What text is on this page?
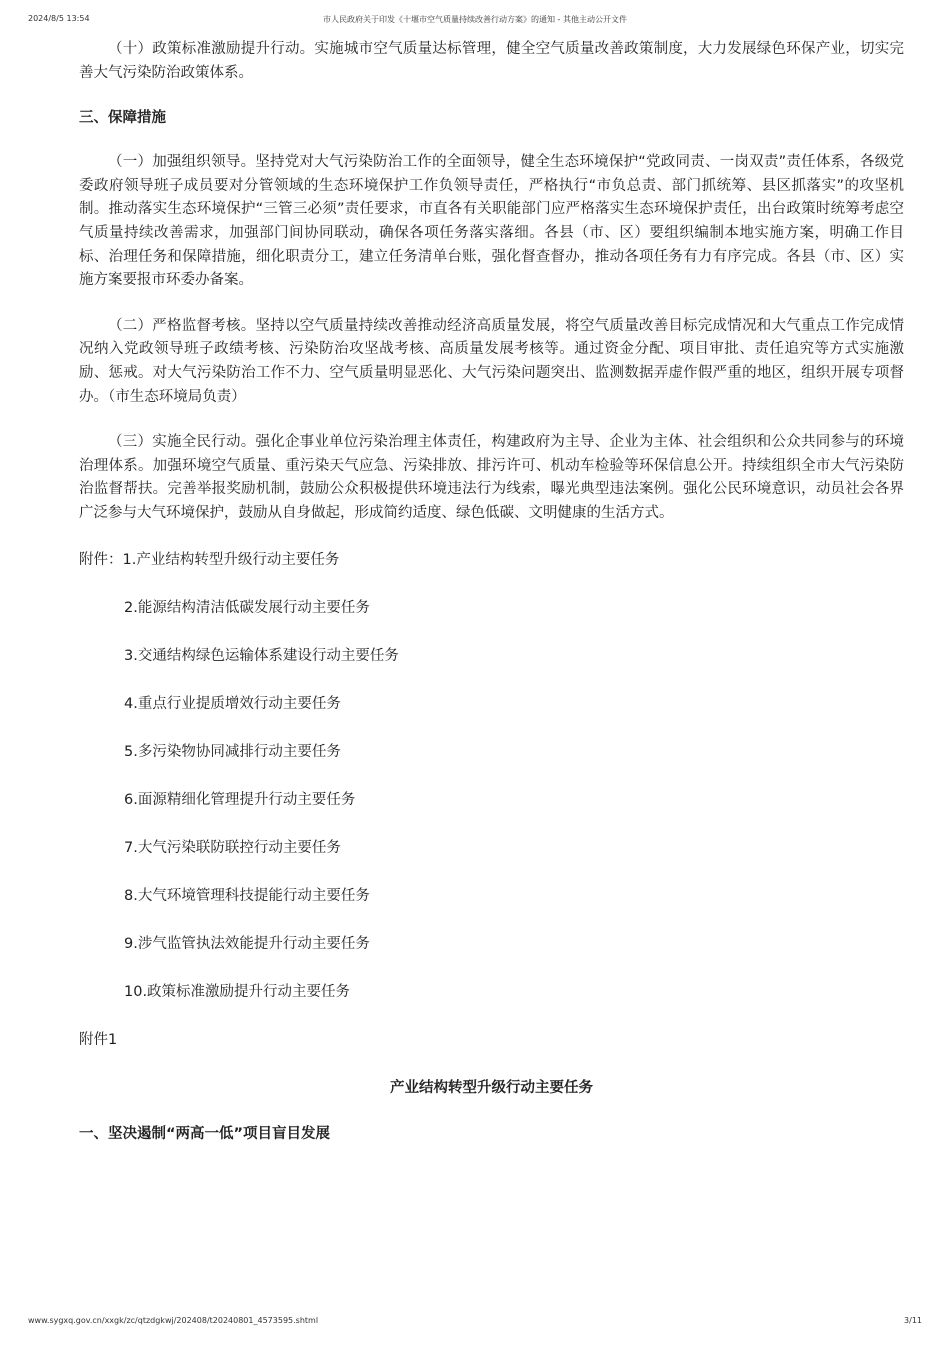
2024/8/5 13:54	市人民政府关于印发《十堰市空气质量持续改善行动方案》的通知 - 其他主动公开文件

（十）政策标准激励提升行动。实施城市空气质量达标管理，健全空气质量改善政策制度，大力发展绿色环保产业，切实完善大气污染防治政策体系。

三、保障措施

（一）加强组织领导。坚持党对大气污染防治工作的全面领导，健全生态环境保护“党政同责、一岗双责”责任体系，各级党委政府领导班子成员要对分管领域的生态环境保护工作负领导责任，严格执行“市负总责、部门抓统筹、县区抓落实”的攻坚机制。推动落实生态环境保护“三管三必须”责任要求，市直各有关职能部门应严格落实生态环境保护责任，出台政策时统筹考虑空气质量持续改善需求，加强部门间协同联动，确保各项任务落实落细。各县（市、区）要组织编制本地实施方案，明确工作目标、治理任务和保障措施，细化职责分工，建立任务清单台账，强化督查督办，推动各项任务有力有序完成。各县（市、区）实施方案要报市环委办备案。

（二）严格监督考核。坚持以空气质量持续改善推动经济高质量发展，将空气质量改善目标完成情况和大气重点工作完成情况纳入党政领导班子政绩考核、污染防治攻坚战考核、高质量发展考核等。通过资金分配、项目审批、责任追究等方式实施激励、惩戒。对大气污染防治工作不力、空气质量明显恶化、大气污染问题突出、监测数据弄虚作假严重的地区，组织开展专项督办。（市生态环境局负责）

（三）实施全民行动。强化企事业单位污染治理主体责任，构建政府为主导、企业为主体、社会组织和公众共同参与的环境治理体系。加强环境空气质量、重污染天气应急、污染排放、排污许可、机动车检验等环保信息公开。持续组织全市大气污染防治监督帮扶。完善举报奖励机制，鼓励公众积极提供环境违法行为线索，曝光典型违法案例。强化公民环境意识，动员社会各界广泛参与大气环境保护，鼓励从自身做起，形成简约适度、绿色低碳、文明健康的生活方式。

附件：1.产业结构转型升级行动主要任务
2.能源结构清洁低碳发展行动主要任务
3.交通结构绿色运输体系建设行动主要任务
4.重点行业提质增效行动主要任务
5.多污染物协同减排行动主要任务
6.面源精细化管理提升行动主要任务
7.大气污染联防联控行动主要任务
8.大气环境管理科技提能行动主要任务
9.涉气监管执法效能提升行动主要任务
10.政策标准激励提升行动主要任务
附件1
产业结构转型升级行动主要任务
一、坚决遏制“两高一低”项目盲目发展
www.sygxq.gov.cn/xxgk/zc/qtzdgkwj/202408/t20240801_4573595.shtml	3/11
